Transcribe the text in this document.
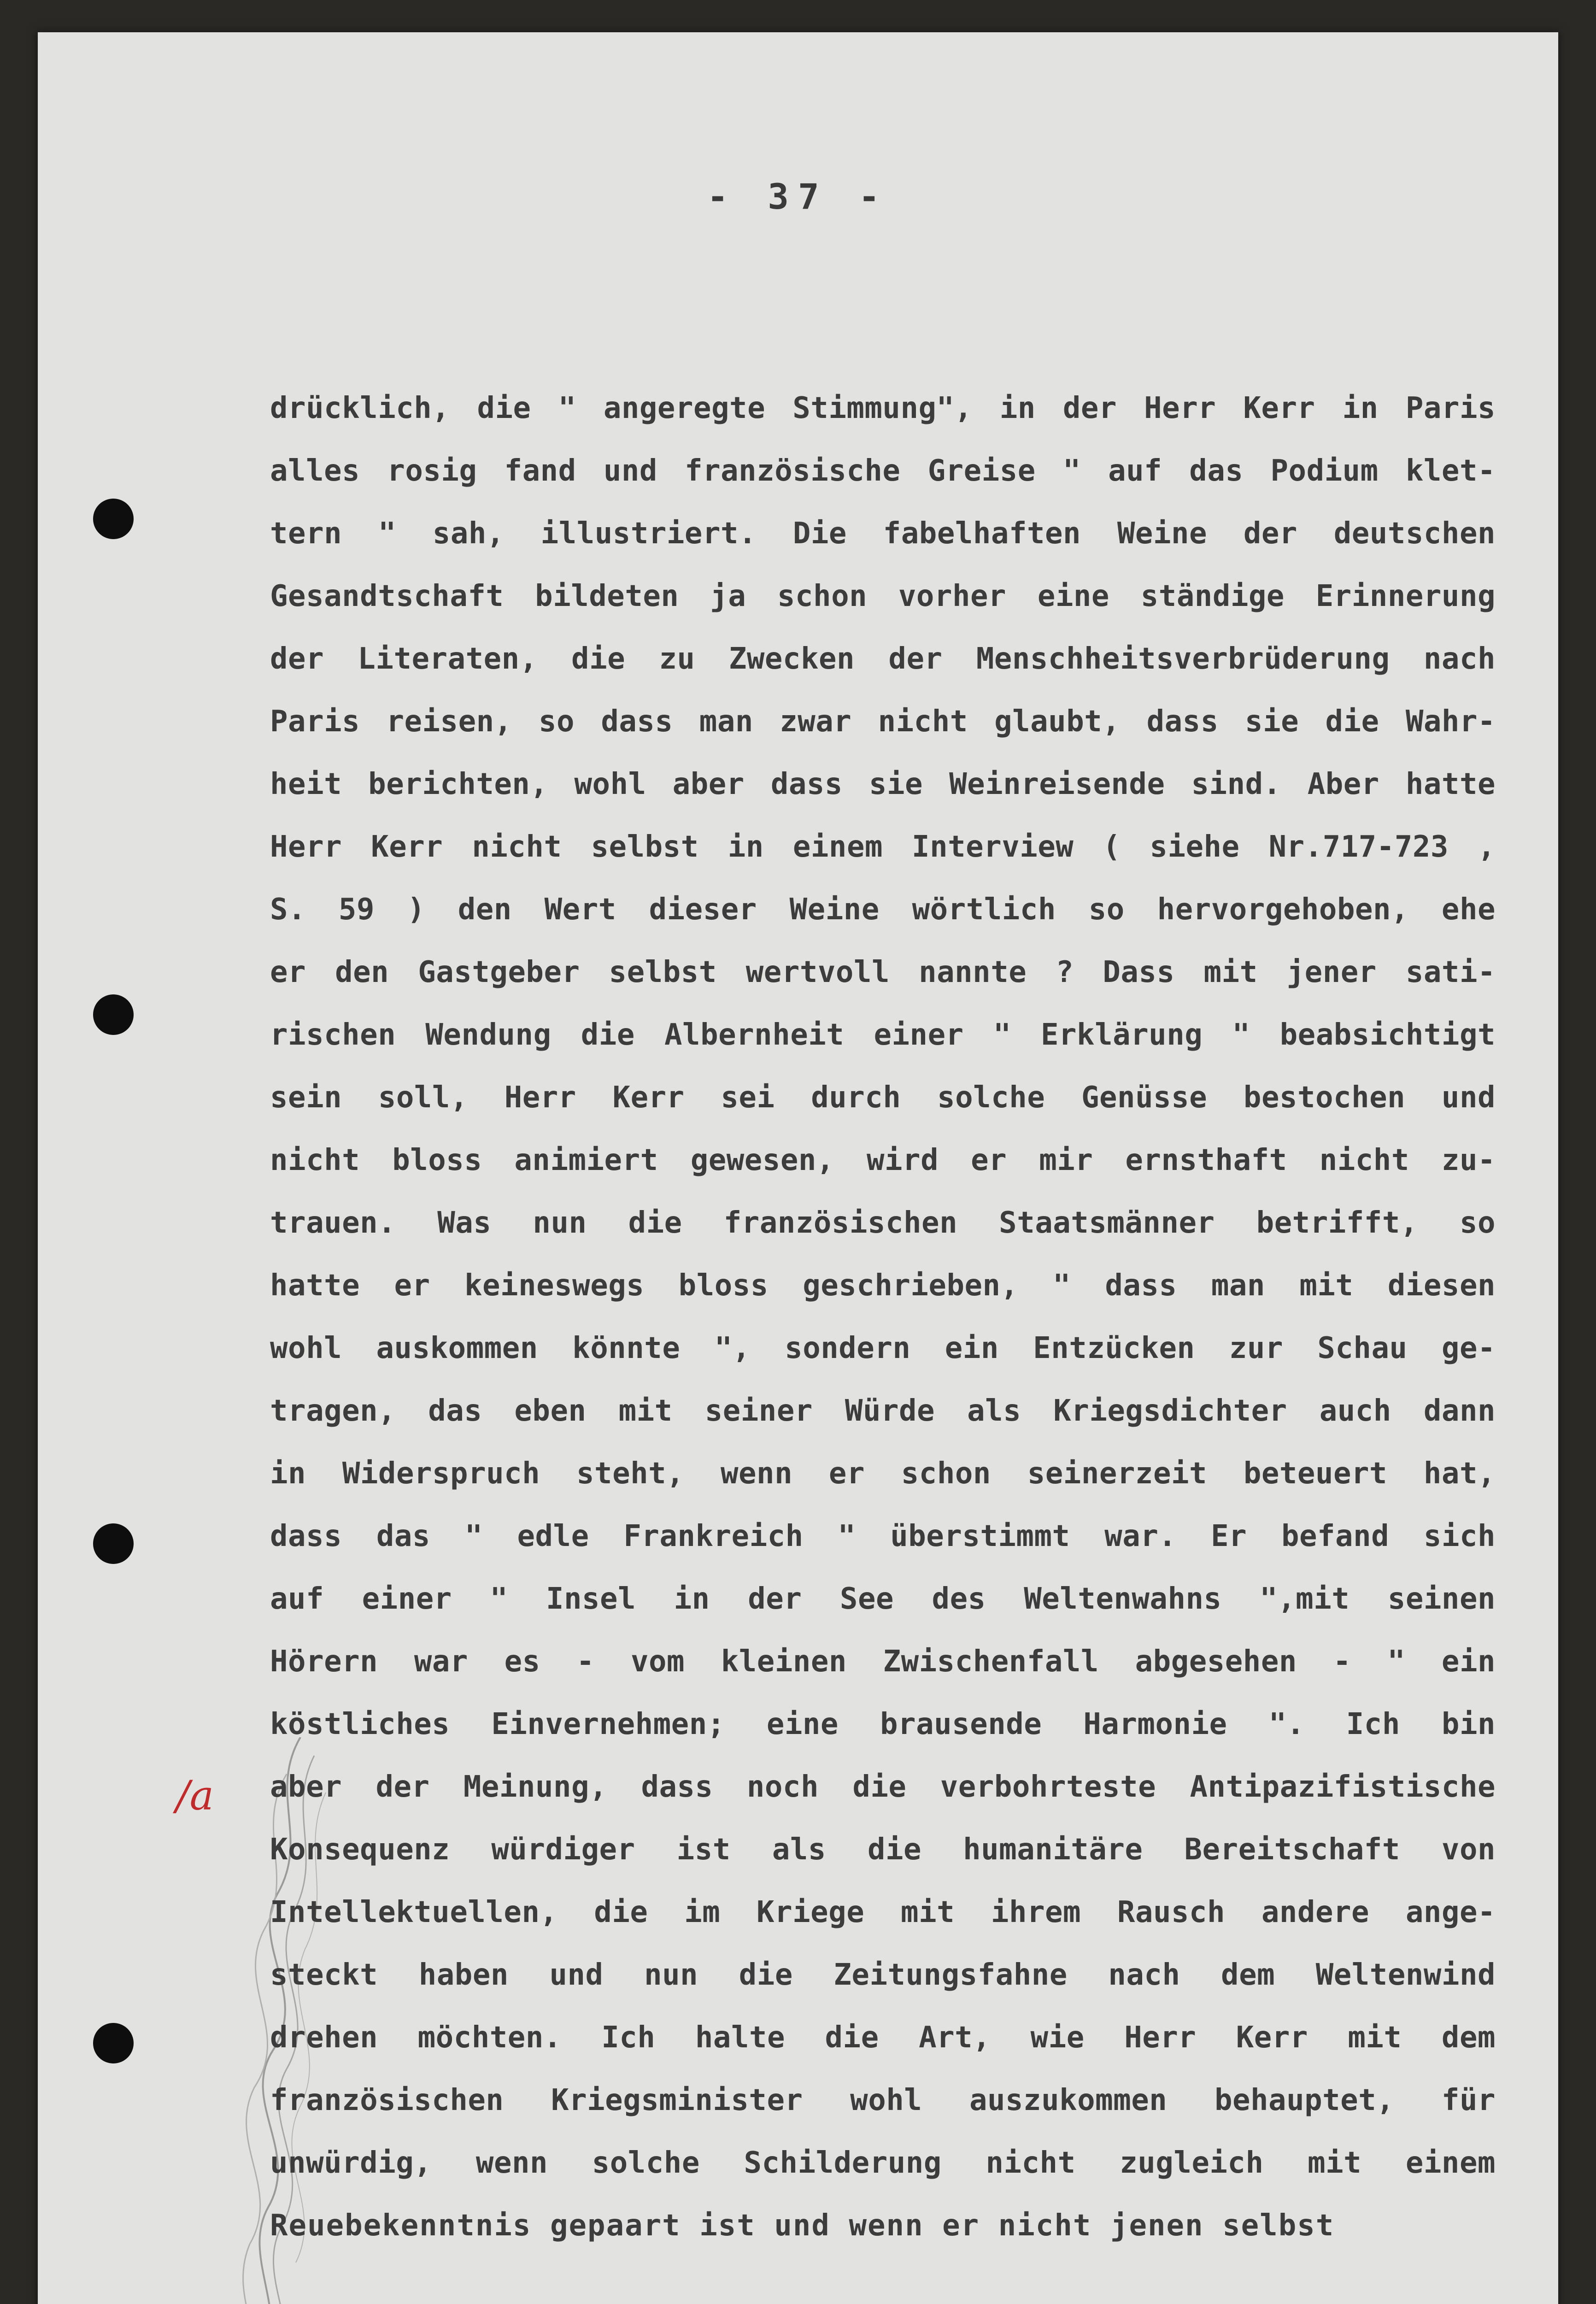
- 37 -
/a
drücklich, die " angeregte Stimmung", in der Herr Kerr in Paris
alles rosig fand und französische Greise " auf das Podium klet-
tern " sah, illustriert. Die fabelhaften Weine der deutschen
Gesandtschaft bildeten ja schon vorher eine ständige Erinnerung
der Literaten, die zu Zwecken der Menschheitsverbrüderung nach
Paris reisen, so dass man zwar nicht glaubt, dass sie die Wahr-
heit berichten, wohl aber dass sie Weinreisende sind. Aber hatte
Herr Kerr nicht selbst in einem Interview ( siehe Nr.717-723 ,
S. 59 ) den Wert dieser Weine wörtlich so hervorgehoben, ehe
er den Gastgeber selbst wertvoll nannte ? Dass mit jener sati-
rischen Wendung die Albernheit einer " Erklärung " beabsichtigt
sein soll, Herr Kerr sei durch solche Genüsse bestochen und
nicht bloss animiert gewesen, wird er mir ernsthaft nicht zu-
trauen. Was nun die französischen Staatsmänner betrifft, so
hatte er keineswegs bloss geschrieben, " dass man mit diesen
wohl auskommen könnte ", sondern ein Entzücken zur Schau ge-
tragen, das eben mit seiner Würde als Kriegsdichter auch dann
in Widerspruch steht, wenn er schon seinerzeit beteuert hat,
dass das " edle Frankreich " überstimmt war. Er befand sich
auf einer " Insel in der See des Weltenwahns ",mit seinen
Hörern war es - vom kleinen Zwischenfall abgesehen - " ein
köstliches Einvernehmen; eine brausende Harmonie ". Ich bin
aber der Meinung, dass noch die verbohrteste Antipazifistische
Konsequenz würdiger ist als die humanitäre Bereitschaft von
Intellektuellen, die im Kriege mit ihrem Rausch andere ange-
steckt haben und nun die Zeitungsfahne nach dem Weltenwind
drehen möchten. Ich halte die Art, wie Herr Kerr mit dem
französischen Kriegsminister wohl auszukommen behauptet, für
unwürdig, wenn solche Schilderung nicht zugleich mit einem
Reuebekenntnis gepaart ist und wenn er nicht jenen selbst
